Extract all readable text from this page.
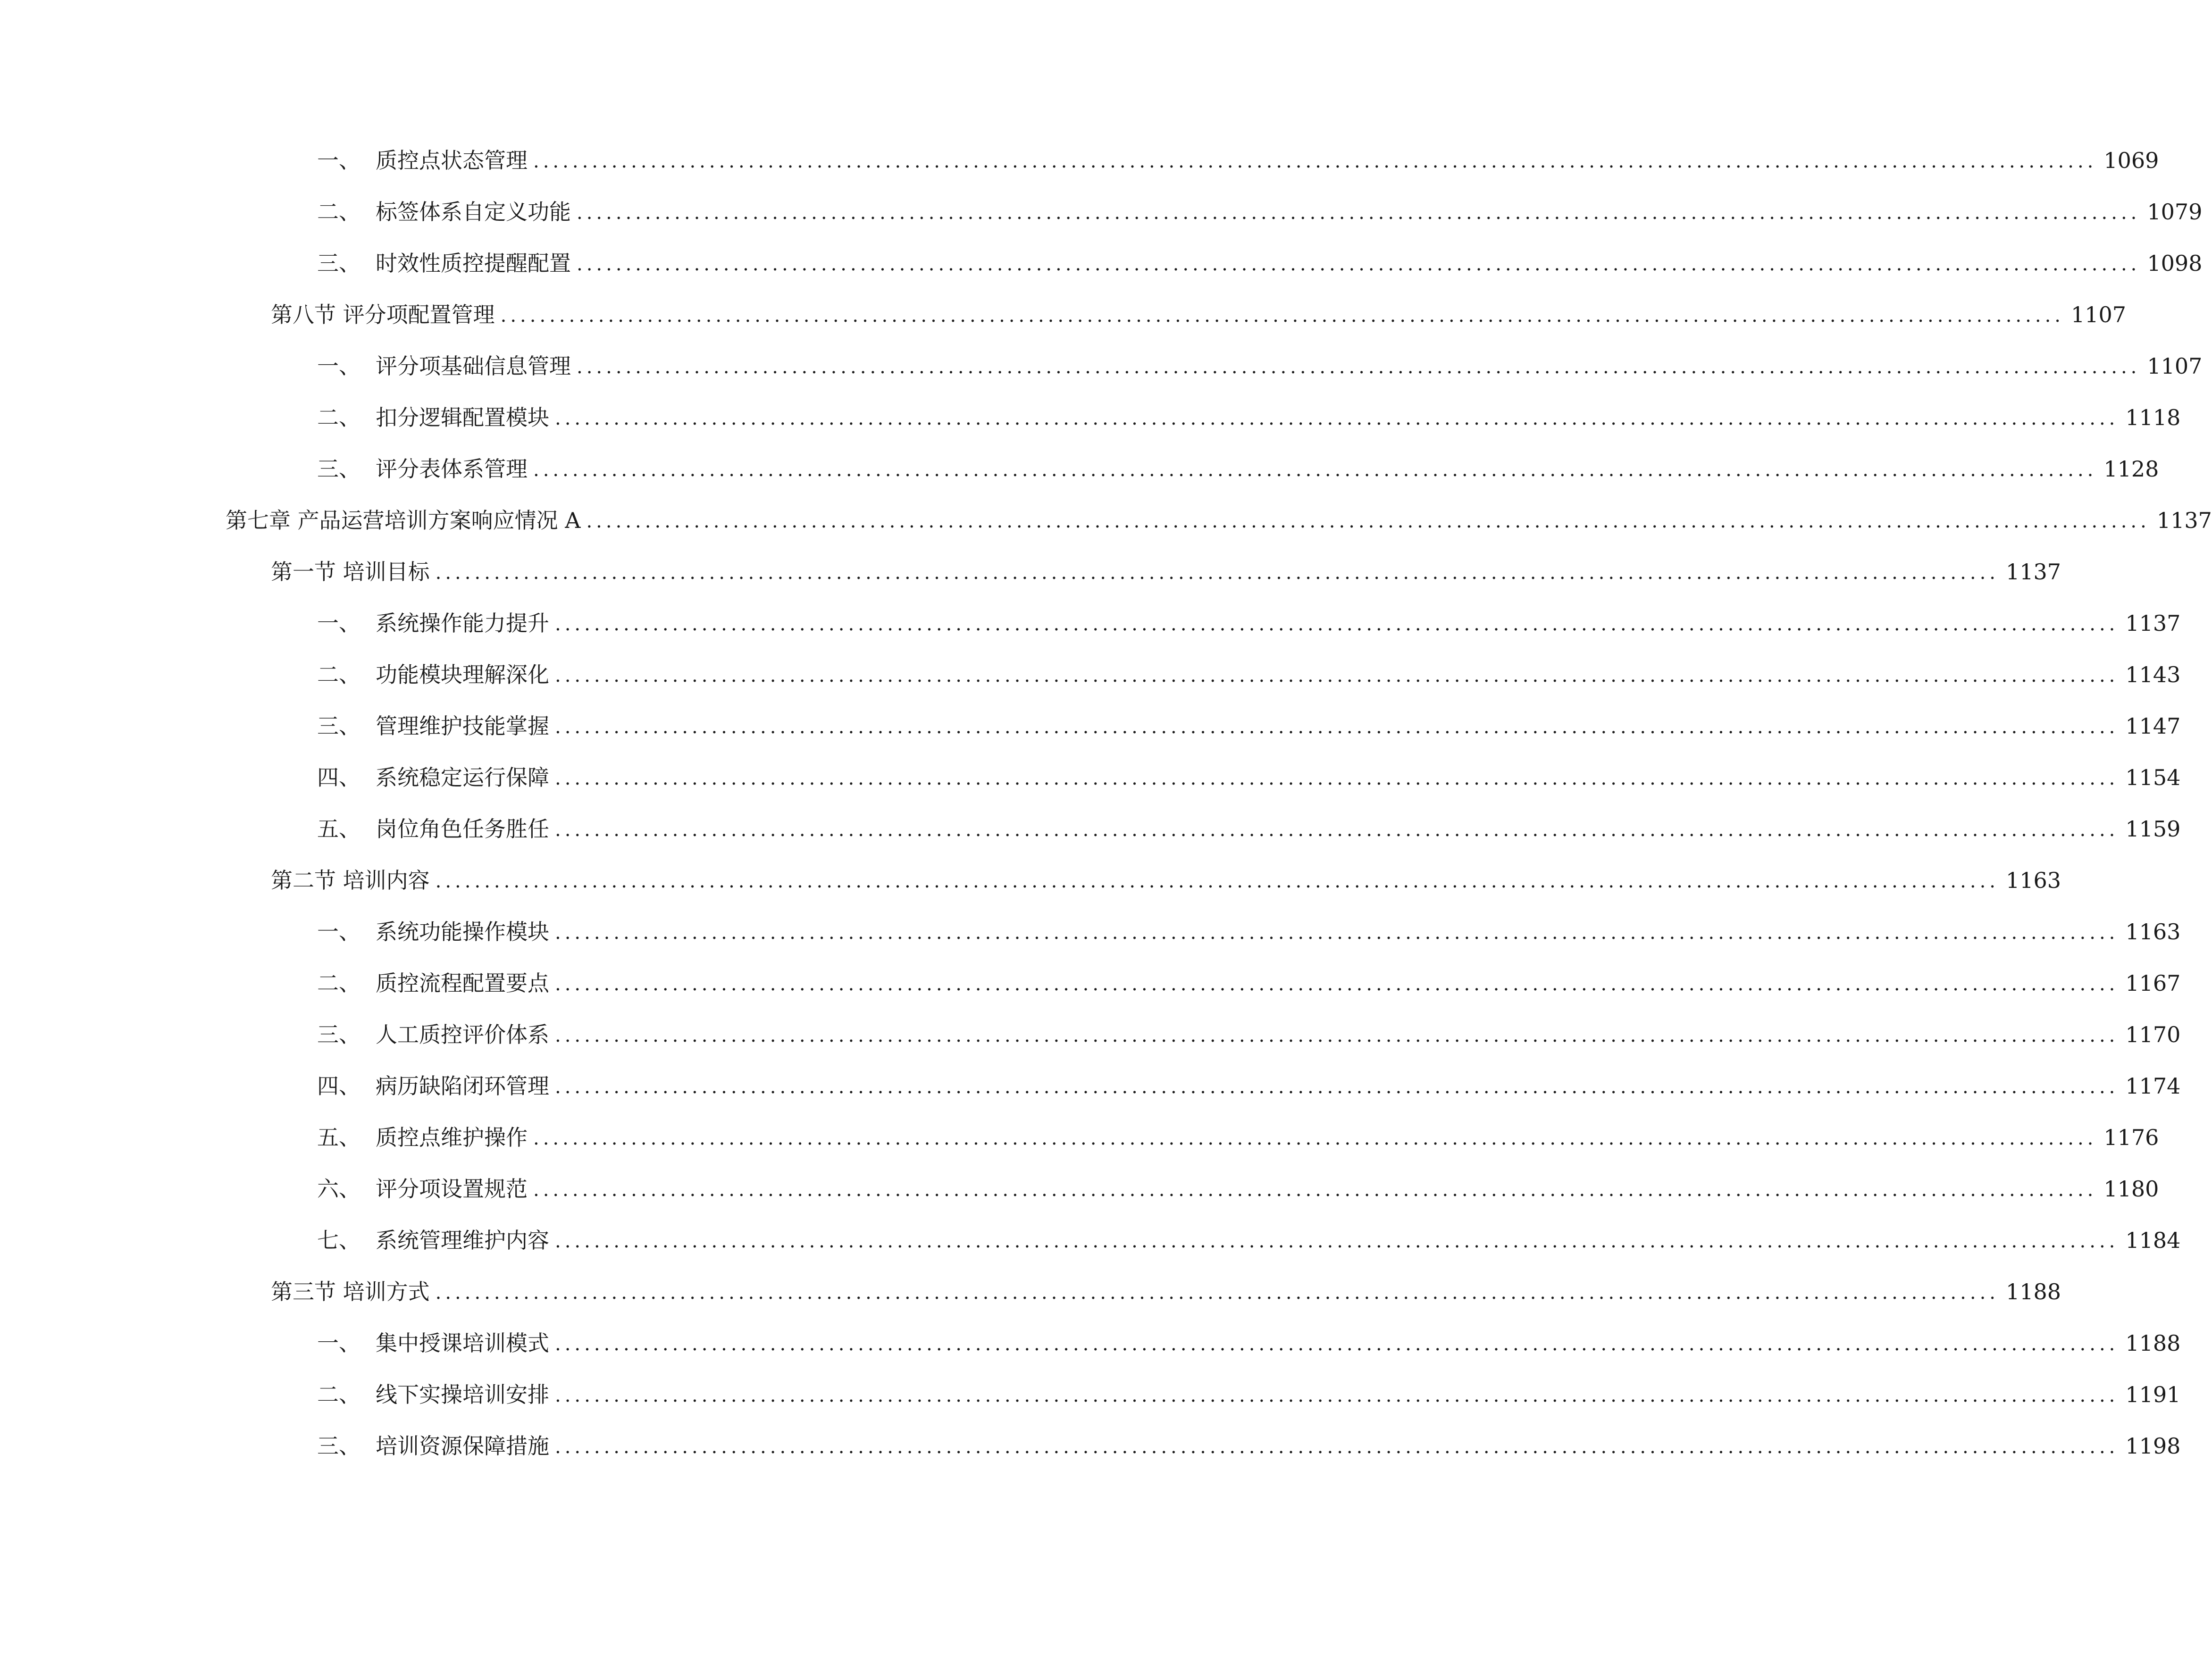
一、 质控点状态管理 ................................................................................................................................................................ 1069
二、 标签体系自定义功能 ................................................................................................................................................................ 1079
三、 时效性质控提醒配置 ................................................................................................................................................................ 1098
第八节 评分项配置管理 ................................................................................................................................................................ 1107
一、 评分项基础信息管理 ................................................................................................................................................................ 1107
二、 扣分逻辑配置模块 ................................................................................................................................................................ 1118
三、 评分表体系管理 ................................................................................................................................................................ 1128
第七章 产品运营培训方案响应情况 A ................................................................................................................................................................ 1137
第一节 培训目标 ................................................................................................................................................................ 1137
一、 系统操作能力提升 ................................................................................................................................................................ 1137
二、 功能模块理解深化 ................................................................................................................................................................ 1143
三、 管理维护技能掌握 ................................................................................................................................................................ 1147
四、 系统稳定运行保障 ................................................................................................................................................................ 1154
五、 岗位角色任务胜任 ................................................................................................................................................................ 1159
第二节 培训内容 ................................................................................................................................................................ 1163
一、 系统功能操作模块 ................................................................................................................................................................ 1163
二、 质控流程配置要点 ................................................................................................................................................................ 1167
三、 人工质控评价体系 ................................................................................................................................................................ 1170
四、 病历缺陷闭环管理 ................................................................................................................................................................ 1174
五、 质控点维护操作 ................................................................................................................................................................ 1176
六、 评分项设置规范 ................................................................................................................................................................ 1180
七、 系统管理维护内容 ................................................................................................................................................................ 1184
第三节 培训方式 ................................................................................................................................................................ 1188
一、 集中授课培训模式 ................................................................................................................................................................ 1188
二、 线下实操培训安排 ................................................................................................................................................................ 1191
三、 培训资源保障措施 ................................................................................................................................................................ 1198
